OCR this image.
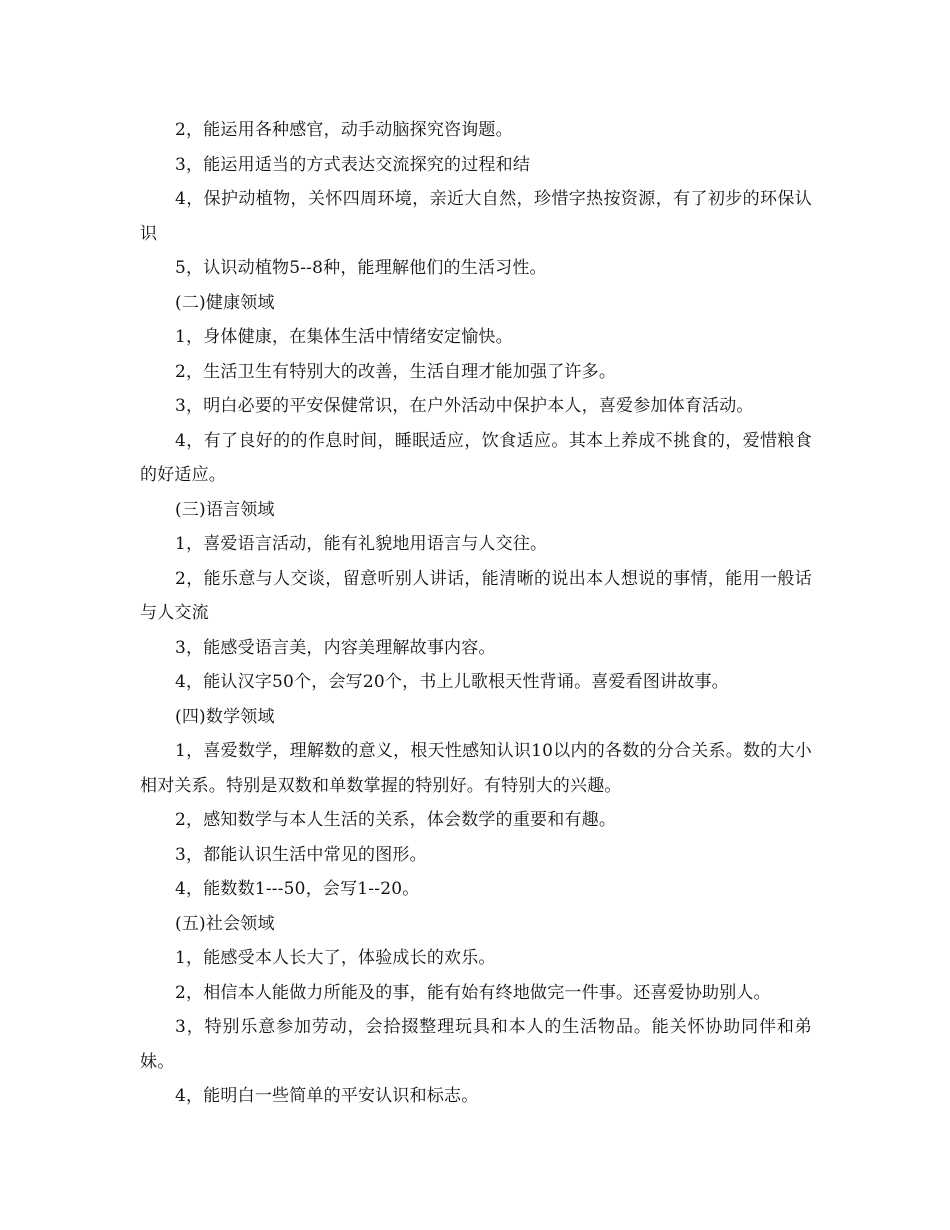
2，能运用各种感官，动手动脑探究咨询题。

3，能运用适当的方式表达交流探究的过程和结

4，保护动植物，关怀四周环境，亲近大自然，珍惜字热按资源，有了初步的环保认识

5，认识动植物5--8种，能理解他们的生活习性。

(二)健康领域

1，身体健康，在集体生活中情绪安定愉快。

2，生活卫生有特别大的改善，生活自理才能加强了许多。

3，明白必要的平安保健常识，在户外活动中保护本人，喜爱参加体育活动。

4，有了良好的的作息时间，睡眠适应，饮食适应。其本上养成不挑食的，爱惜粮食的好适应。

(三)语言领域

1，喜爱语言活动，能有礼貌地用语言与人交往。

2，能乐意与人交谈，留意听别人讲话，能清晰的说出本人想说的事情，能用一般话与人交流

3，能感受语言美，内容美理解故事内容。

4，能认汉字50个，会写20个，书上儿歌根天性背诵。喜爱看图讲故事。

(四)数学领域

1，喜爱数学，理解数的意义，根天性感知认识10以内的各数的分合关系。数的大小相对关系。特别是双数和单数掌握的特别好。有特别大的兴趣。

2，感知数学与本人生活的关系，体会数学的重要和有趣。

3，都能认识生活中常见的图形。

4，能数数1---50，会写1--20。

(五)社会领域

1，能感受本人长大了，体验成长的欢乐。

2，相信本人能做力所能及的事，能有始有终地做完一件事。还喜爱协助别人。

3，特别乐意参加劳动，会拾掇整理玩具和本人的生活物品。能关怀协助同伴和弟妹。

4，能明白一些简单的平安认识和标志。
